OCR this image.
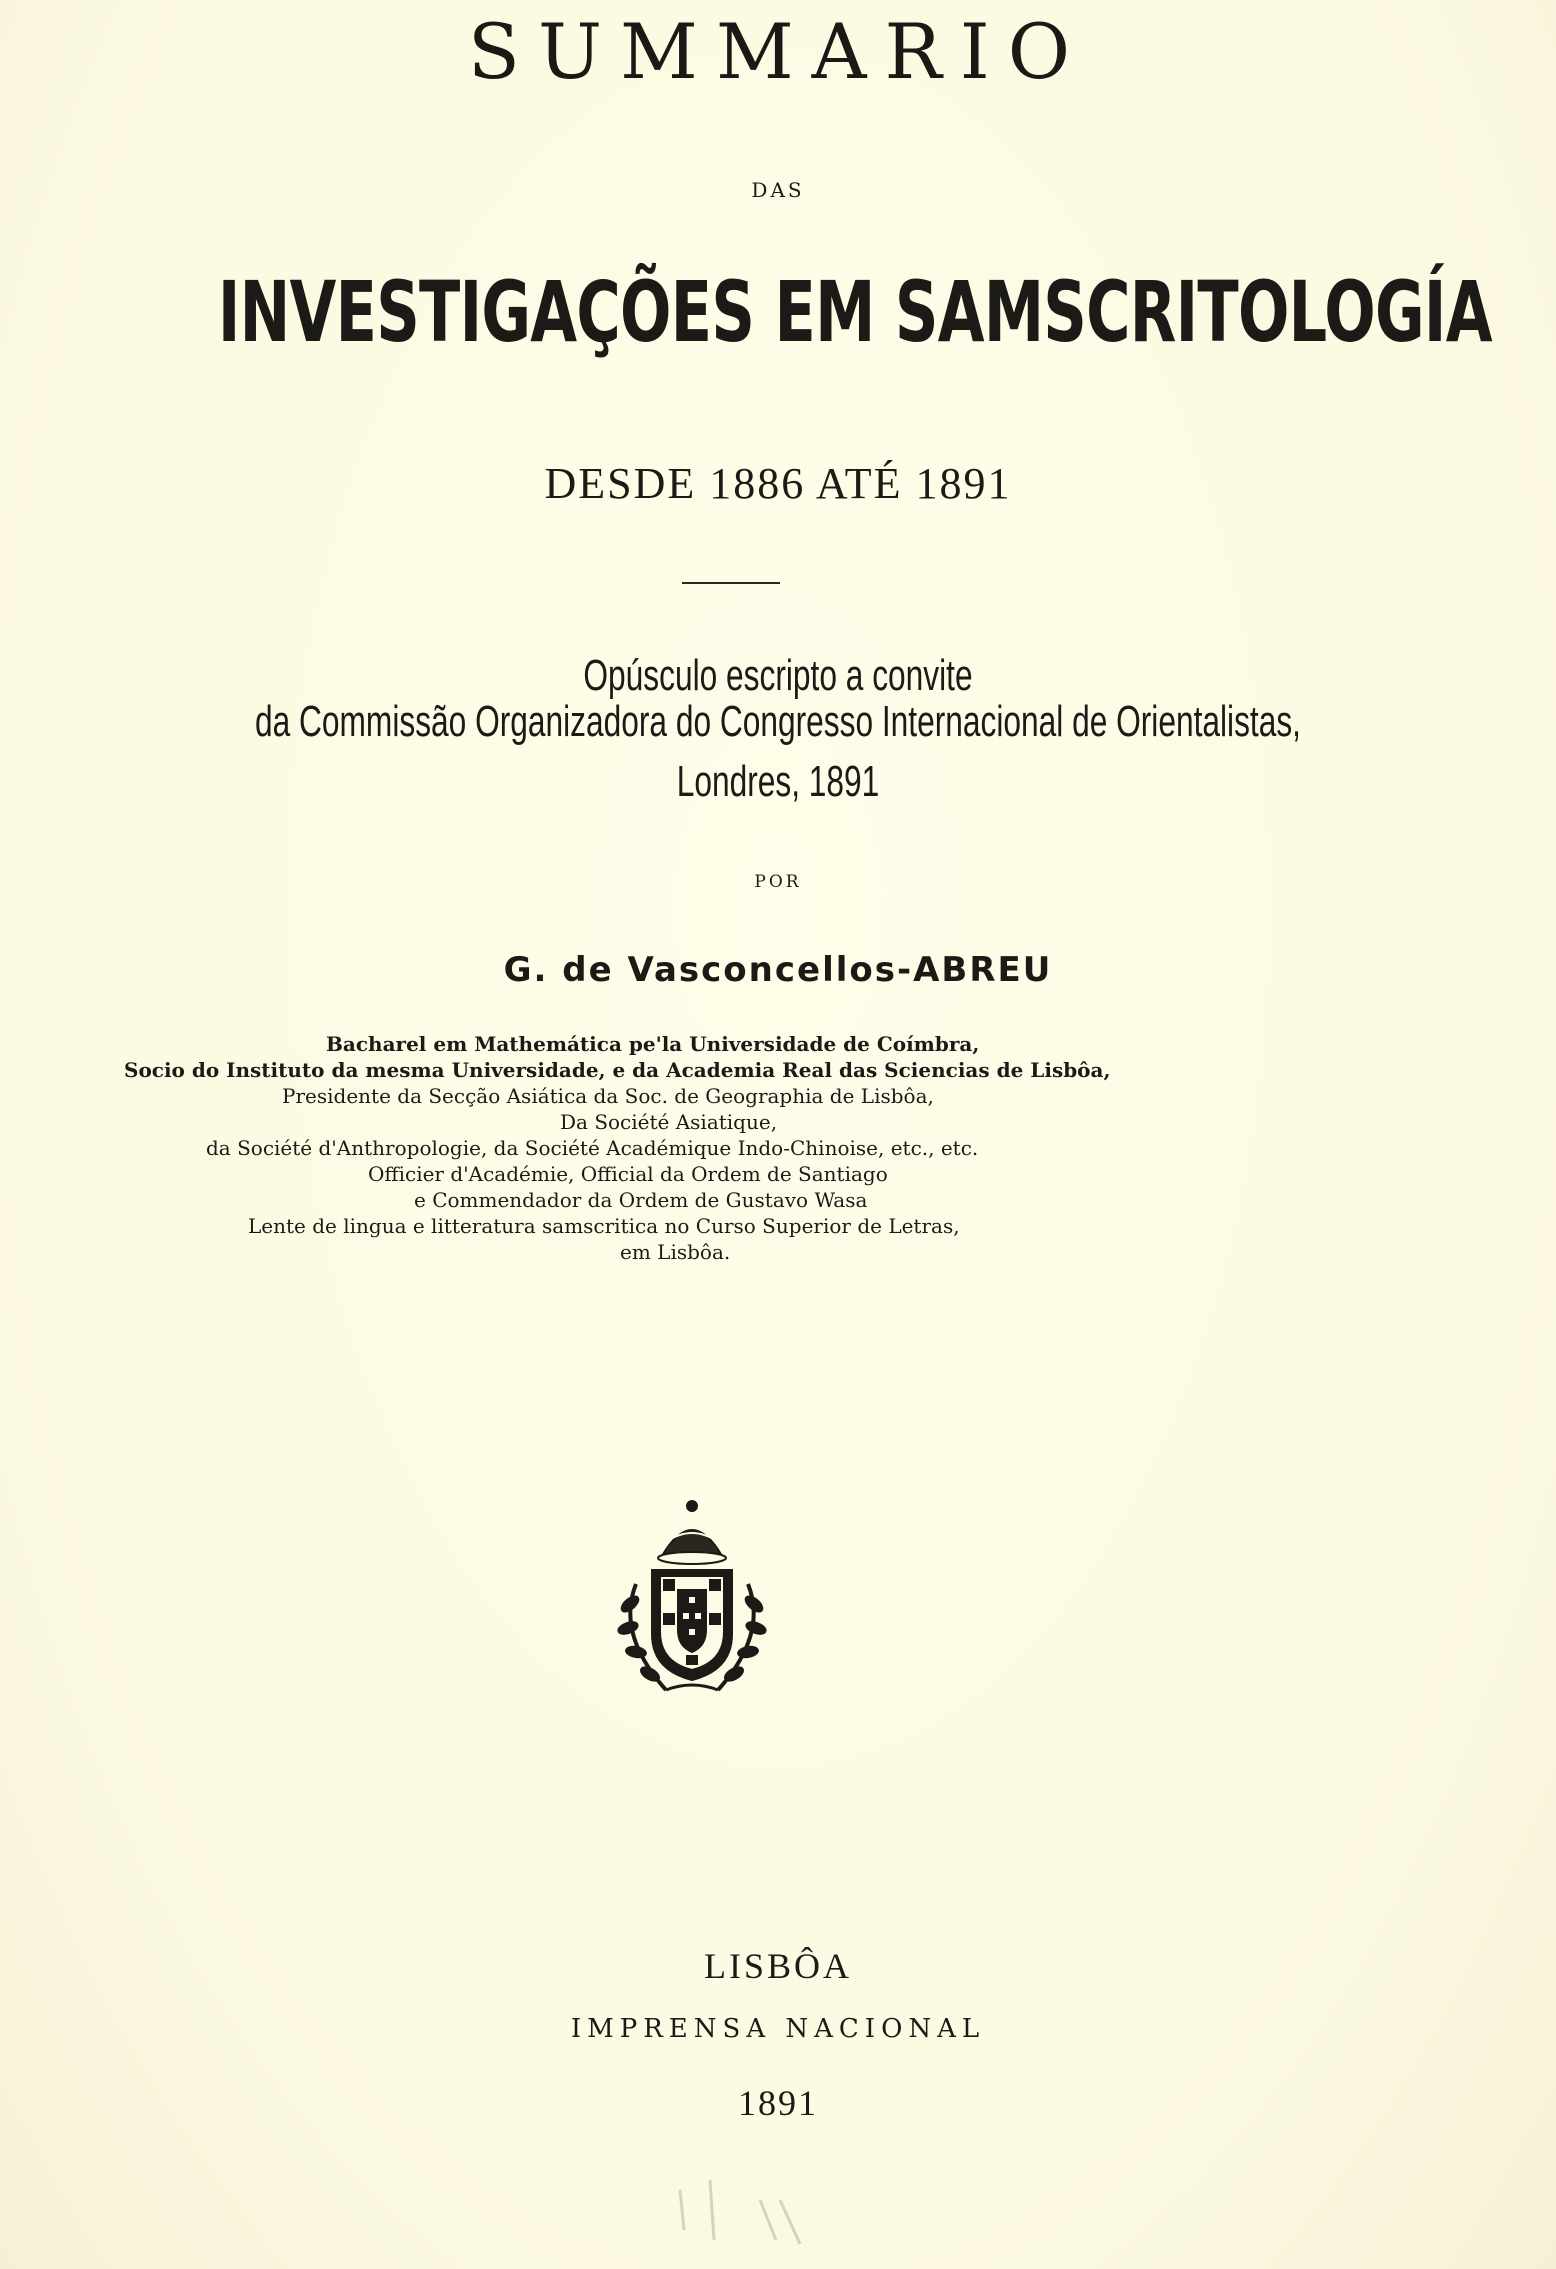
SUMMARIO
DAS
INVESTIGAÇÕES EM SAMSCRITOLOGÍA
DESDE 1886 ATÉ 1891
Opúsculo escripto a convite
da Commissão Organizadora do Congresso Internacional de Orientalistas,
Londres, 1891
POR
G. de Vasconcellos-ABREU
Bacharel em Mathemática pe'la Universidade de Coímbra,
Socio do Instituto da mesma Universidade, e da Academia Real das Sciencias de Lisbôa,
Presidente da Secção Asiática da Soc. de Geographia de Lisbôa,
Da Société Asiatique,
da Société d'Anthropologie, da Société Académique Indo-Chinoise, etc., etc.
Officier d'Académie, Official da Ordem de Santiago
e Commendador da Ordem de Gustavo Wasa
Lente de lingua e litteratura samscritica no Curso Superior de Letras,
em Lisbôa.
LISBÔA
IMPRENSA NACIONAL
1891
